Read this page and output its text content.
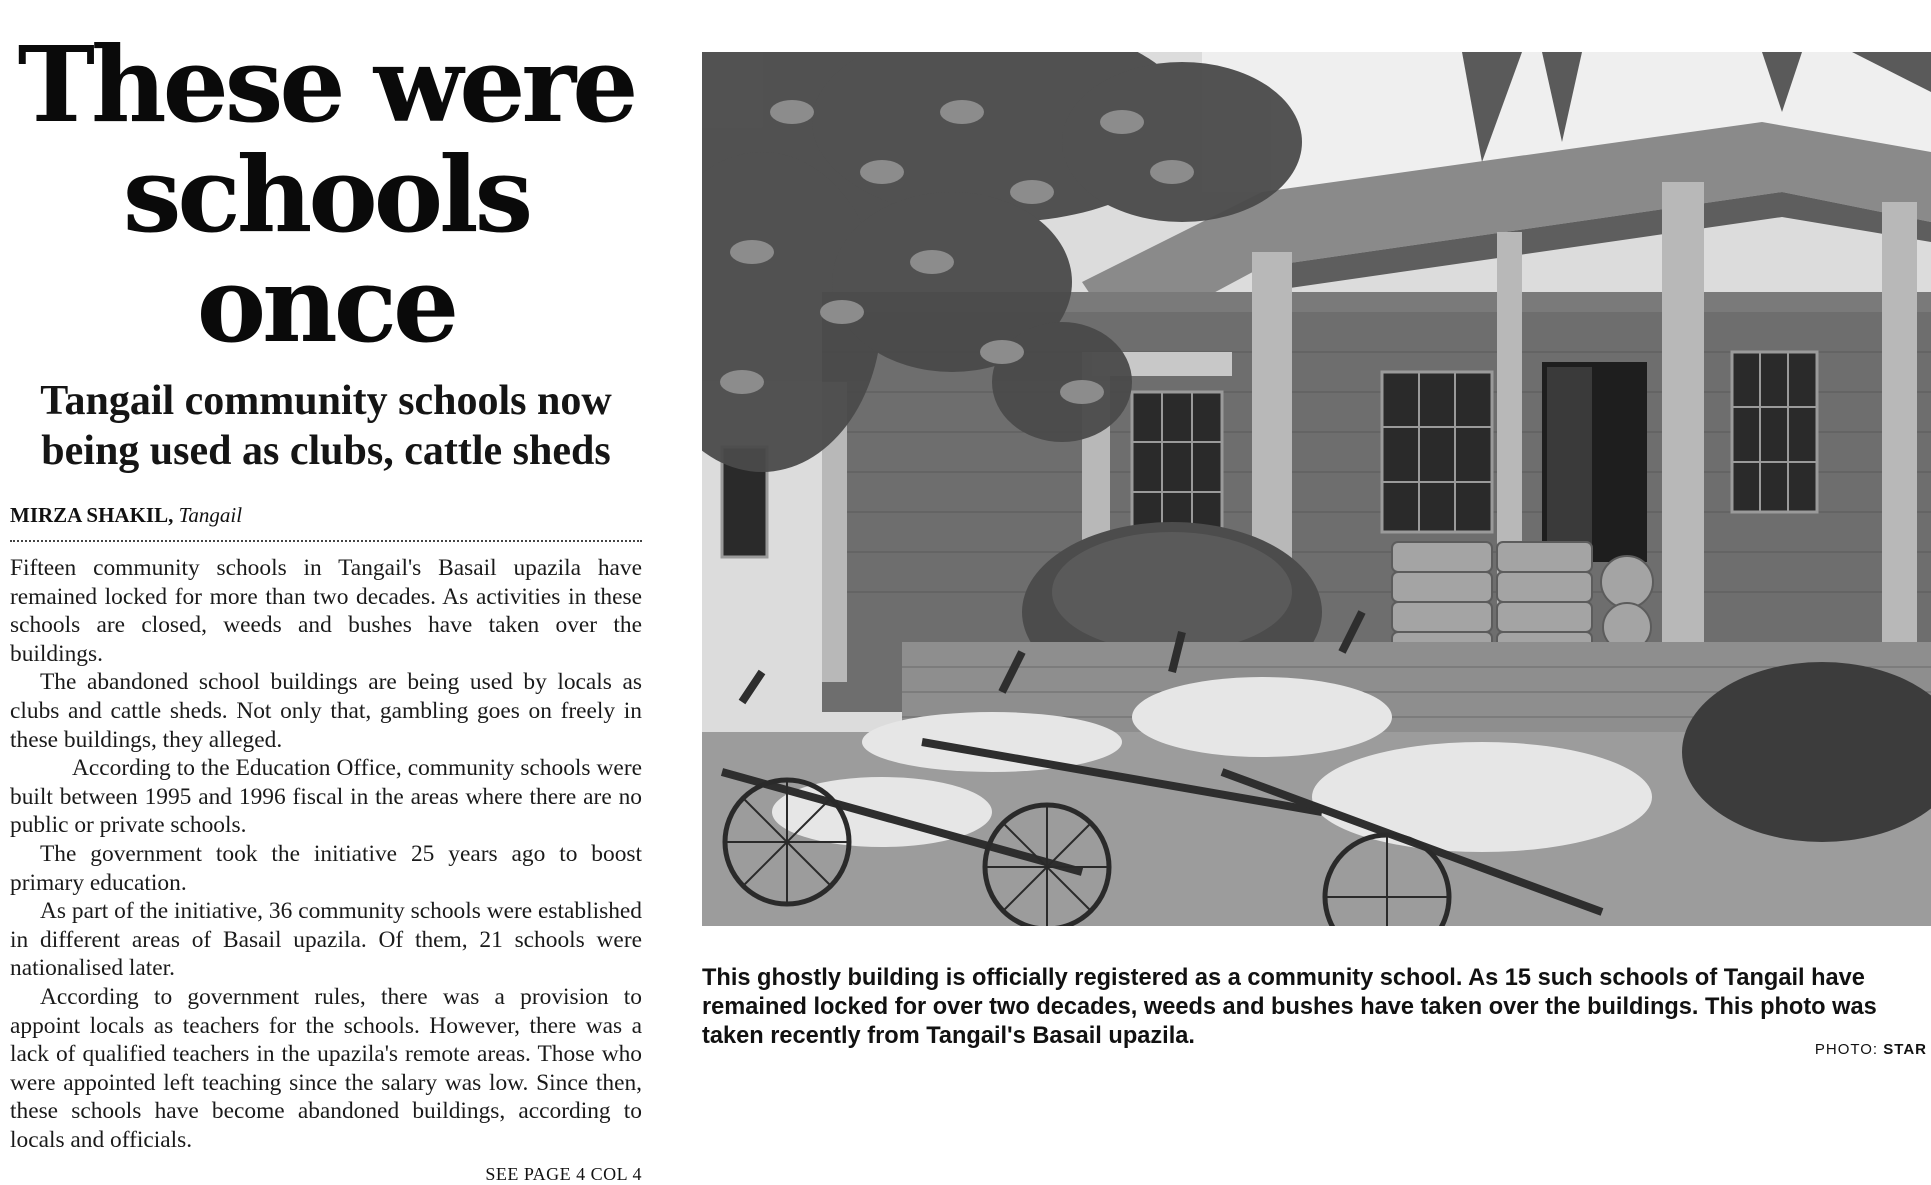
These were
schools once
Tangail community schools now
being used as clubs, cattle sheds
MIRZA SHAKIL, Tangail

Fifteen community schools in Tangail's Basail upazila have remained locked for more than two decades. As activities in these schools are closed, weeds and bushes have taken over the buildings.

The abandoned school buildings are being used by locals as clubs and cattle sheds. Not only that, gambling goes on freely in these buildings, they alleged.

According to the Education Office, community schools were built between 1995 and 1996 fiscal in the areas where there are no public or private schools.

The government took the initiative 25 years ago to boost primary education.

As part of the initiative, 36 community schools were established in different areas of Basail upazila. Of them, 21 schools were nationalised later.

According to government rules, there was a provision to appoint locals as teachers for the schools. However, there was a lack of qualified teachers in the upazila's remote areas. Those who were appointed left teaching since the salary was low. Since then, these schools have become abandoned buildings, according to locals and officials.

SEE PAGE 4 COL 4
This ghostly building is officially registered as a community school. As 15 such schools of Tangail have remained locked for over two decades, weeds and bushes have taken over the buildings. This photo was taken recently from Tangail's Basail upazila.
PHOTO: STAR
